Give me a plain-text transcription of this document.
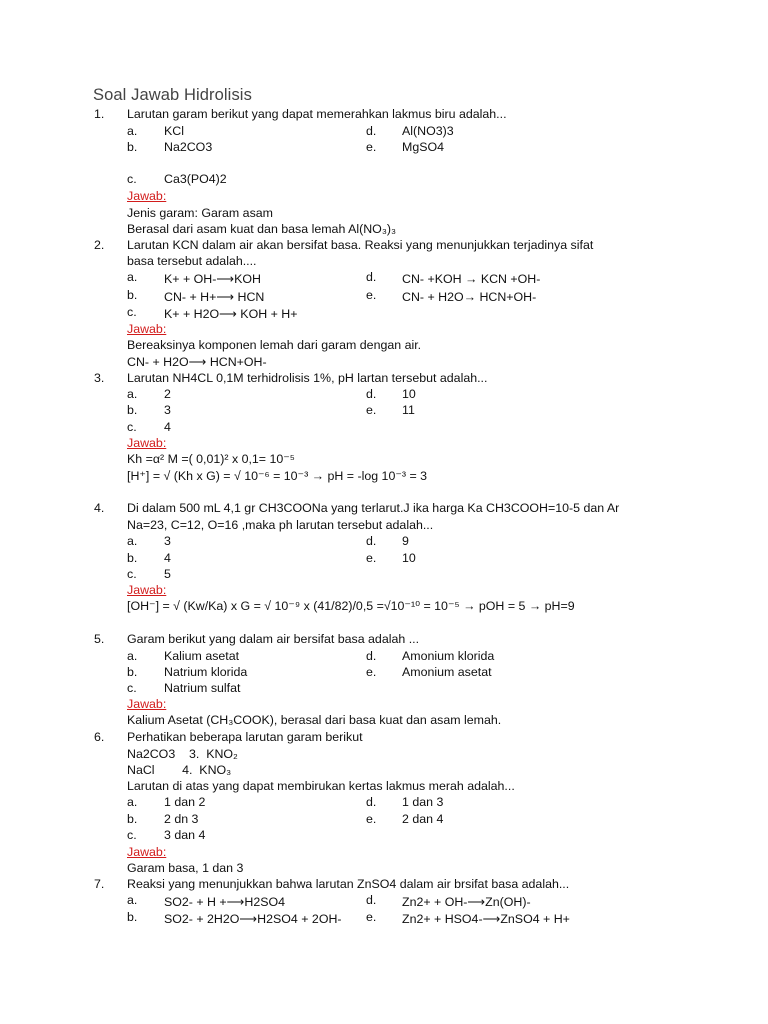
Soal Jawab Hidrolisis
1. Larutan garam berikut yang dapat memerahkan lakmus biru adalah...
a. KCl	d. Al(NO3)3
b. Na2CO3	e. MgSO4
c. Ca3(PO4)2
Jawab:
Jenis garam: Garam asam
Berasal dari asam kuat dan basa lemah Al(NO₃)₃
2. Larutan KCN dalam air akan bersifat basa. Reaksi yang menunjukkan terjadinya sifat
basa tersebut adalah....
a. K+ + OH-⟶KOH	d. CN- +KOH → KCN +OH-
b. CN- + H+⟶ HCN	e. CN- + H2O→ HCN+OH-
c. K+ + H2O⟶ KOH + H+
Jawab:
Bereaksinya komponen lemah dari garam dengan air.
CN- + H2O⟶ HCN+OH-
3. Larutan NH4CL 0,1M terhidrolisis 1%, pH lartan tersebut adalah...
a. 2	d. 10
b. 3	e. 11
c. 4
Jawab:
Kh =α² M =( 0,01)² x 0,1= 10⁻⁵
[H⁺] = √ (Kh x G) = √ 10⁻⁶ = 10⁻³ → pH = -log 10⁻³ = 3
4. Di dalam 500 mL 4,1 gr CH3COONa yang terlarut.J ika harga Ka CH3COOH=10-5 dan Ar
Na=23, C=12, O=16 ,maka ph larutan tersebut adalah...
a. 3	d. 9
b. 4	e. 10
c. 5
Jawab:
[OH⁻] = √ (Kw/Ka) x G = √ 10⁻⁹ x (41/82)/0,5 =√10⁻¹⁰ = 10⁻⁵ → pOH = 5 → pH=9
5. Garam berikut yang dalam air bersifat basa adalah ...
a. Kalium asetat	d. Amonium klorida
b. Natrium klorida	e. Amonium asetat
c. Natrium sulfat
Jawab:
Kalium Asetat (CH₃COOK), berasal dari basa kuat dan asam lemah.
6. Perhatikan beberapa larutan garam berikut
Na2CO3    3.  KNO₂
NaCl        4.  KNO₃
Larutan di atas yang dapat membirukan kertas lakmus merah adalah...
a. 1 dan 2	d. 1 dan 3
b. 2 dn 3	e. 2 dan 4
c. 3 dan 4
Jawab:
Garam basa, 1 dan 3
7. Reaksi yang menunjukkan bahwa larutan ZnSO4 dalam air brsifat basa adalah...
a. SO2- + H +⟶H2SO4	d. Zn2+ + OH-⟶Zn(OH)-
b. SO2- + 2H2O⟶H2SO4 + 2OH- e. Zn2+ + HSO4-⟶ZnSO4 + H+
